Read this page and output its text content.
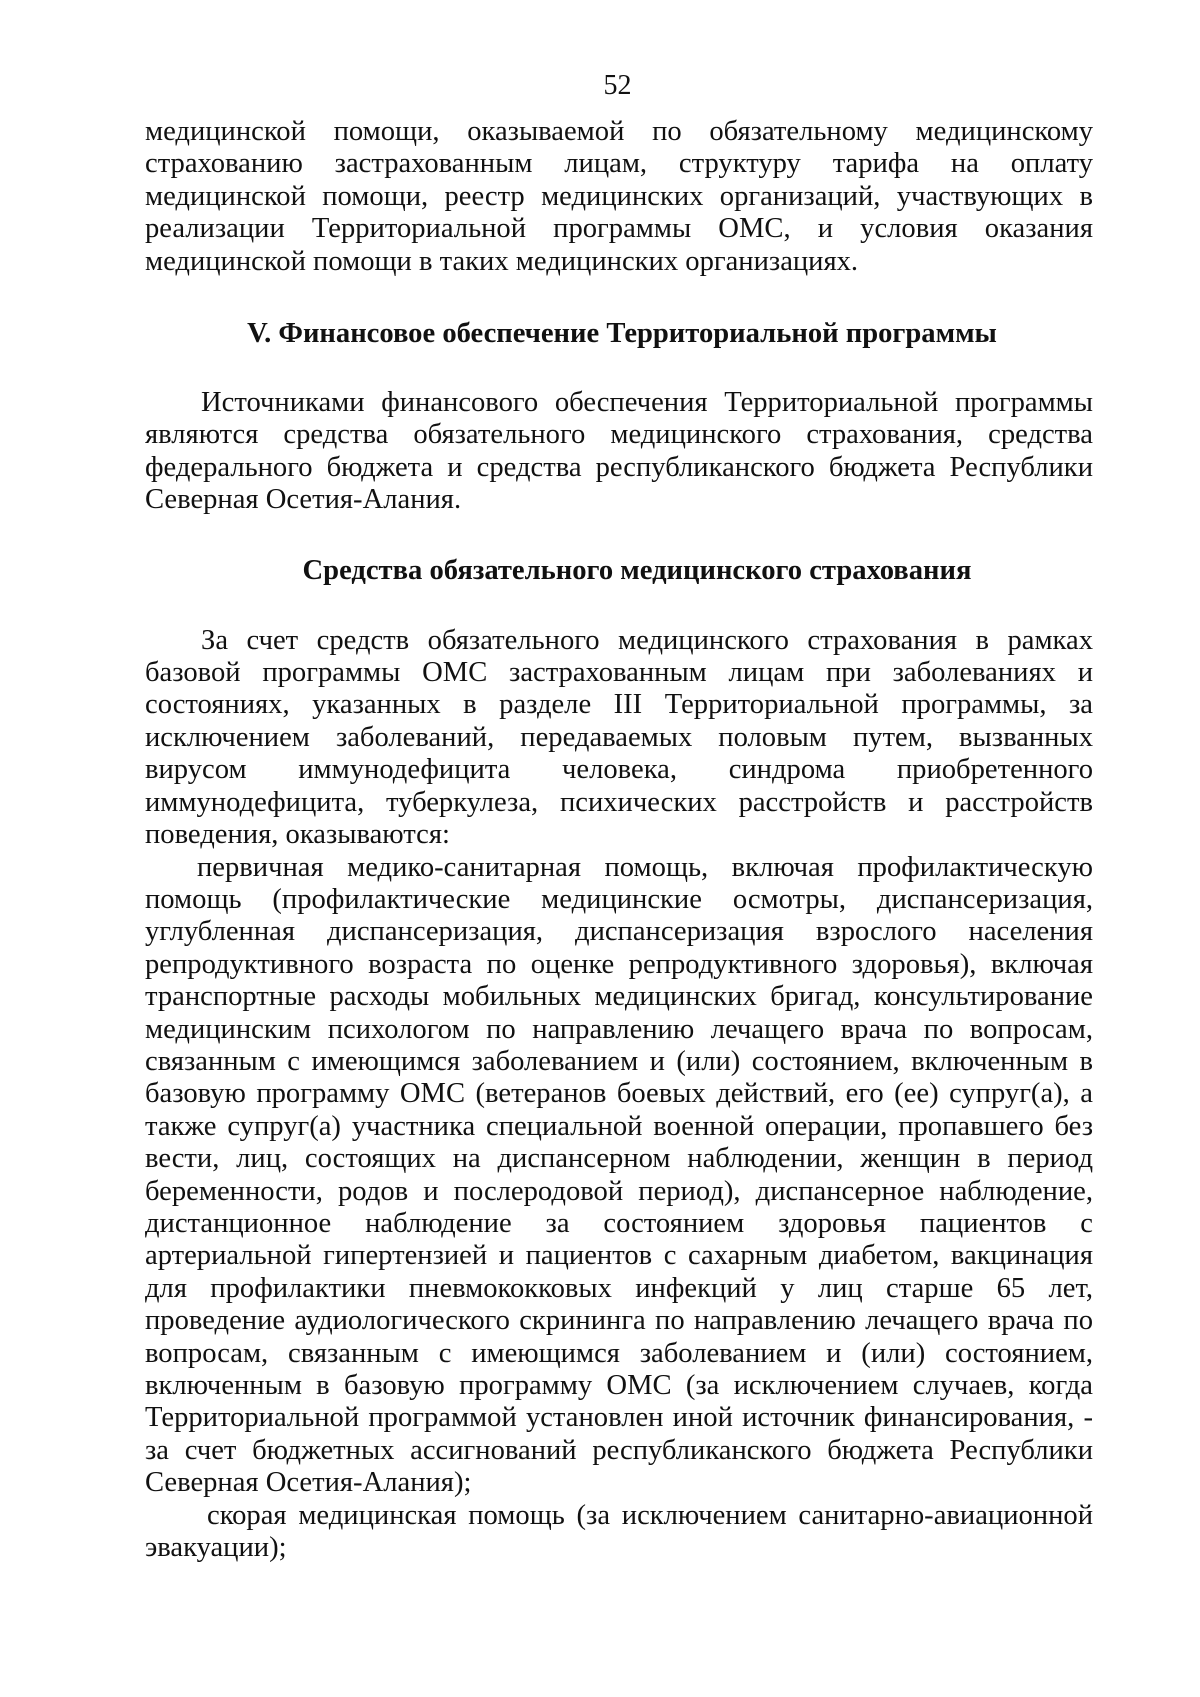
52

медицинской помощи, оказываемой по обязательному медицинскому страхованию застрахованным лицам, структуру тарифа на оплату медицинской помощи, реестр медицинских организаций, участвующих в реализации Территориальной программы ОМС, и условия оказания медицинской помощи в таких медицинских организациях.

V. Финансовое обеспечение Территориальной программы

Источниками финансового обеспечения Территориальной программы являются средства обязательного медицинского страхования, средства федерального бюджета и средства республиканского бюджета Республики Северная Осетия-Алания.

Средства обязательного медицинского страхования

За счет средств обязательного медицинского страхования в рамках базовой программы ОМС застрахованным лицам при заболеваниях и состояниях, указанных в разделе III Территориальной программы, за исключением заболеваний, передаваемых половым путем, вызванных вирусом иммунодефицита человека, синдрома приобретенного иммунодефицита, туберкулеза, психических расстройств и расстройств поведения, оказываются:

первичная медико-санитарная помощь, включая профилактическую помощь (профилактические медицинские осмотры, диспансеризация, углубленная диспансеризация, диспансеризация взрослого населения репродуктивного возраста по оценке репродуктивного здоровья), включая транспортные расходы мобильных медицинских бригад, консультирование медицинским психологом по направлению лечащего врача по вопросам, связанным с имеющимся заболеванием и (или) состоянием, включенным в базовую программу ОМС (ветеранов боевых действий, его (ее) супруг(а), а также супруг(а) участника специальной военной операции, пропавшего без вести, лиц, состоящих на диспансерном наблюдении, женщин в период беременности, родов и послеродовой период), диспансерное наблюдение, дистанционное наблюдение за состоянием здоровья пациентов с артериальной гипертензией и пациентов с сахарным диабетом, вакцинация для профилактики пневмококковых инфекций у лиц старше 65 лет, проведение аудиологического скрининга по направлению лечащего врача по вопросам, связанным с имеющимся заболеванием и (или) состоянием, включенным в базовую программу ОМС (за исключением случаев, когда Территориальной программой установлен иной источник финансирования, - за счет бюджетных ассигнований республиканского бюджета Республики Северная Осетия-Алания);

скорая медицинская помощь (за исключением санитарно-авиационной эвакуации);
